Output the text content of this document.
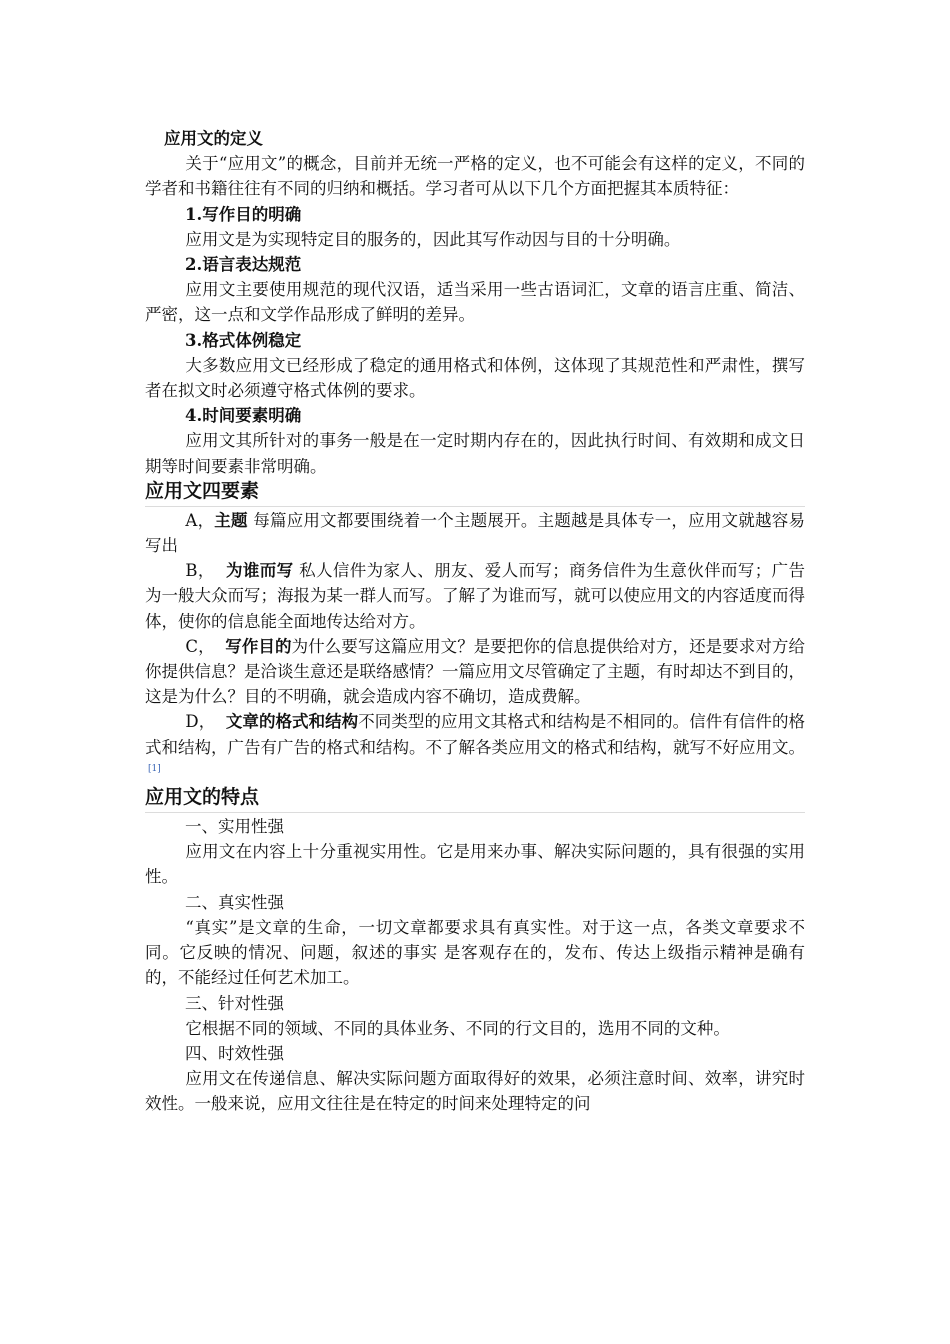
应用文的定义

关于“应用文”的概念，目前并无统一严格的定义，也不可能会有这样的定义，不同的学者和书籍往往有不同的归纳和概括。学习者可从以下几个方面把握其本质特征：

1.写作目的明确

应用文是为实现特定目的服务的，因此其写作动因与目的十分明确。

2.语言表达规范

应用文主要使用规范的现代汉语，适当采用一些古语词汇，文章的语言庄重、简洁、严密，这一点和文学作品形成了鲜明的差异。

3.格式体例稳定

大多数应用文已经形成了稳定的通用格式和体例，这体现了其规范性和严肃性，撰写者在拟文时必须遵守格式体例的要求。

4.时间要素明确

应用文其所针对的事务一般是在一定时期内存在的，因此执行时间、有效期和成文日期等时间要素非常明确。

应用文四要素

A，主题 每篇应用文都要围绕着一个主题展开。主题越是具体专一，应用文就越容易写出

B，  为谁而写 私人信件为家人、朋友、爱人而写；商务信件为生意伙伴而写；广告为一般大众而写；海报为某一群人而写。了解了为谁而写，就可以使应用文的内容适度而得体，使你的信息能全面地传达给对方。

C，  写作目的为什么要写这篇应用文？是要把你的信息提供给对方，还是要求对方给你提供信息？是洽谈生意还是联络感情？一篇应用文尽管确定了主题，有时却达不到目的，这是为什么？目的不明确，就会造成内容不确切，造成费解。

D，  文章的格式和结构不同类型的应用文其格式和结构是不相同的。信件有信件的格式和结构，广告有广告的格式和结构。不了解各类应用文的格式和结构，就写不好应用文。[1]

应用文的特点

一、实用性强

应用文在内容上十分重视实用性。它是用来办事、解决实际问题的，具有很强的实用性。

二、真实性强

“真实”是文章的生命，一切文章都要求具有真实性。对于这一点，各类文章要求不同。它反映的情况、问题，叙述的事实 是客观存在的，发布、传达上级指示精神是确有的，不能经过任何艺术加工。

三、针对性强

它根据不同的领域、不同的具体业务、不同的行文目的，选用不同的文种。

四、时效性强

应用文在传递信息、解决实际问题方面取得好的效果，必须注意时间、效率，讲究时效性。一般来说，应用文往往是在特定的时间来处理特定的问
